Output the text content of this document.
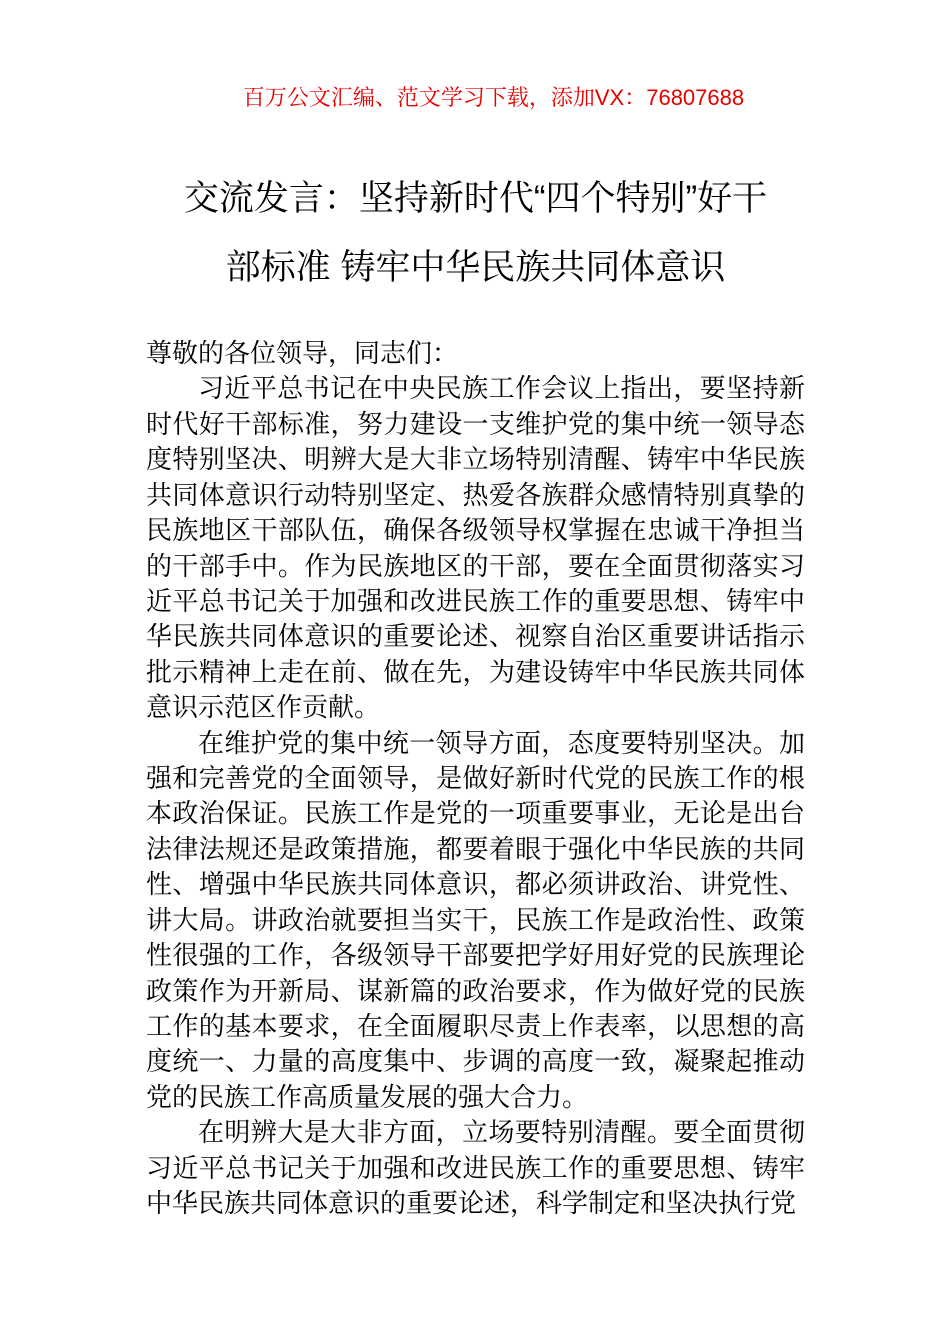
百万公文汇编、范文学习下载，添加VX：76807688
交流发言：坚持新时代“四个特别”好干
部标准 铸牢中华民族共同体意识

尊敬的各位领导，同志们：

习近平总书记在中央民族工作会议上指出，要坚持新时代好干部标准，努力建设一支维护党的集中统一领导态度特别坚决、明辨大是大非立场特别清醒、铸牢中华民族共同体意识行动特别坚定、热爱各族群众感情特别真挚的民族地区干部队伍，确保各级领导权掌握在忠诚干净担当的干部手中。作为民族地区的干部，要在全面贯彻落实习近平总书记关于加强和改进民族工作的重要思想、铸牢中华民族共同体意识的重要论述、视察自治区重要讲话指示批示精神上走在前、做在先，为建设铸牢中华民族共同体意识示范区作贡献。

在维护党的集中统一领导方面，态度要特别坚决。加强和完善党的全面领导，是做好新时代党的民族工作的根本政治保证。民族工作是党的一项重要事业，无论是出台法律法规还是政策措施，都要着眼于强化中华民族的共同性、增强中华民族共同体意识，都必须讲政治、讲党性、讲大局。讲政治就要担当实干，民族工作是政治性、政策性很强的工作，各级领导干部要把学好用好党的民族理论政策作为开新局、谋新篇的政治要求，作为做好党的民族工作的基本要求，在全面履职尽责上作表率，以思想的高度统一、力量的高度集中、步调的高度一致，凝聚起推动党的民族工作高质量发展的强大合力。

在明辨大是大非方面，立场要特别清醒。要全面贯彻习近平总书记关于加强和改进民族工作的重要思想、铸牢中华民族共同体意识的重要论述，科学制定和坚决执行党
